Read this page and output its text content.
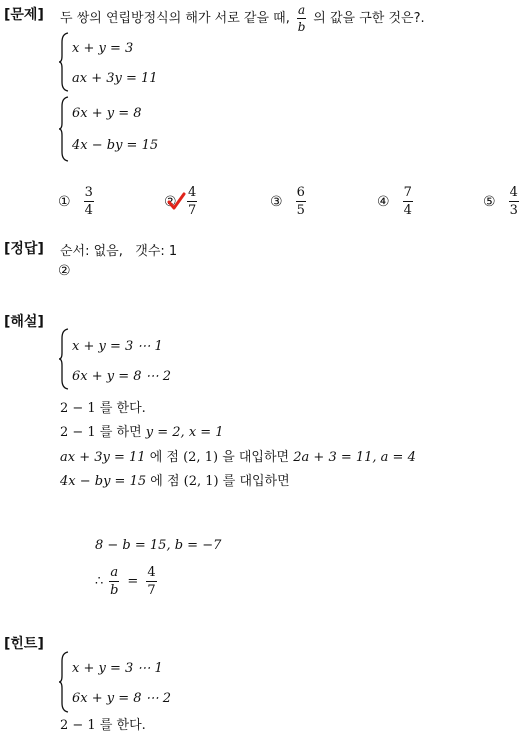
[문제]
[정답]
[해설]
[힌트]
두 쌍의 연립방정식의 해가 서로 같을 때, $\frac{a}{b}$ 의 값을 구한 것은?.
x + y = 3
ax + 3y = 11
6x + y = 8
4x − by = 15
① $\frac{3}{4}$	② $\frac{4}{7}$	③ $\frac{6}{5}$	④ $\frac{7}{4}$	⑤ $\frac{4}{3}$
순서: 없음,   갯수: 1
②
x + y = 3 ⋯ 1
6x + y = 8 ⋯ 2
2 − 1 를 한다.
2 − 1 를 하면 y = 2, x = 1
ax + 3y = 11 에 점 (2, 1) 을 대입하면 2a + 3 = 11, a = 4
4x − by = 15 에 점 (2, 1) 를 대입하면
8 − b = 15, b = −7
∴ $\frac{a}{b} = \frac{4}{7}$
x + y = 3 ⋯ 1
6x + y = 8 ⋯ 2
2 − 1 를 한다.
